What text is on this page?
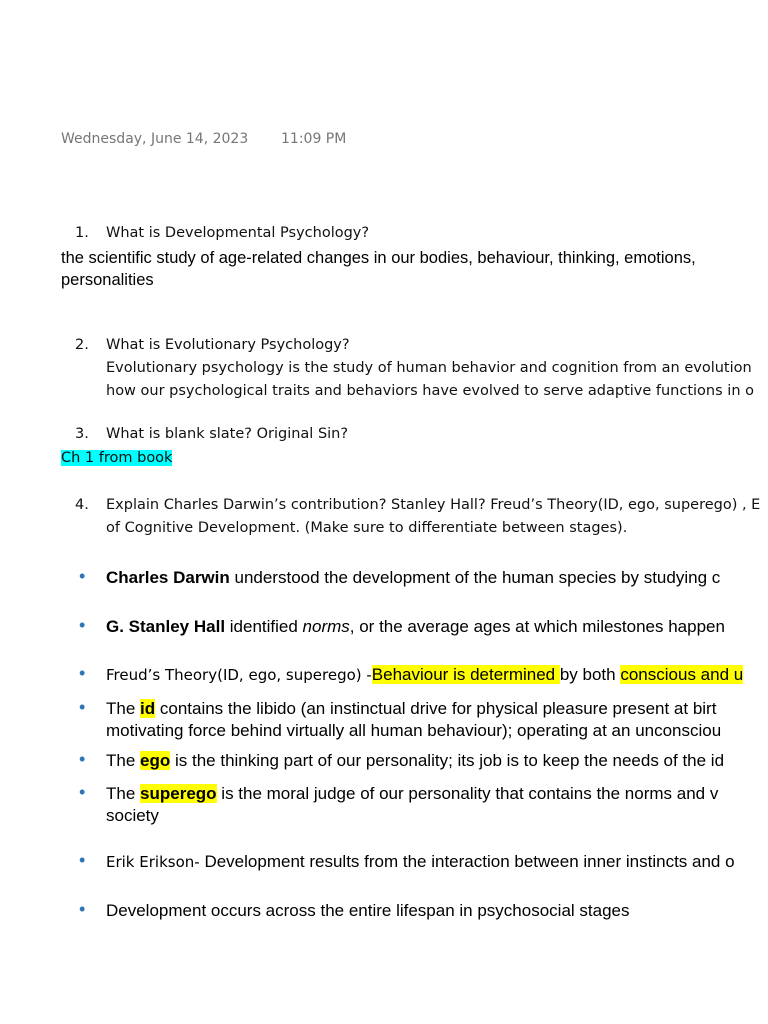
Wednesday, June 14, 2023 11:09 PM
1. What is Developmental Psychology?
the scientific study of age-related changes in our bodies, behaviour, thinking, emotions,
personalities
2. What is Evolutionary Psychology?
Evolutionary psychology is the study of human behavior and cognition from an evolution
how our psychological traits and behaviors have evolved to serve adaptive functions in o
3. What is blank slate? Original Sin?
Ch 1 from book
4. Explain Charles Darwin’s contribution? Stanley Hall? Freud’s Theory(ID, ego, superego) , E
of Cognitive Development. (Make sure to differentiate between stages).
• Charles Darwin understood the development of the human species by studying c
• G. Stanley Hall identified norms, or the average ages at which milestones happen
• Freud’s Theory(ID, ego, superego) -Behaviour is determined by both conscious and u
• The id contains the libido (an instinctual drive for physical pleasure present at birt
motivating force behind virtually all human behaviour); operating at an unconsciou
• The ego is the thinking part of our personality; its job is to keep the needs of the id
• The superego is the moral judge of our personality that contains the norms and v
society
• Erik Erikson- Development results from the interaction between inner instincts and o
• Development occurs across the entire lifespan in psychosocial stages
